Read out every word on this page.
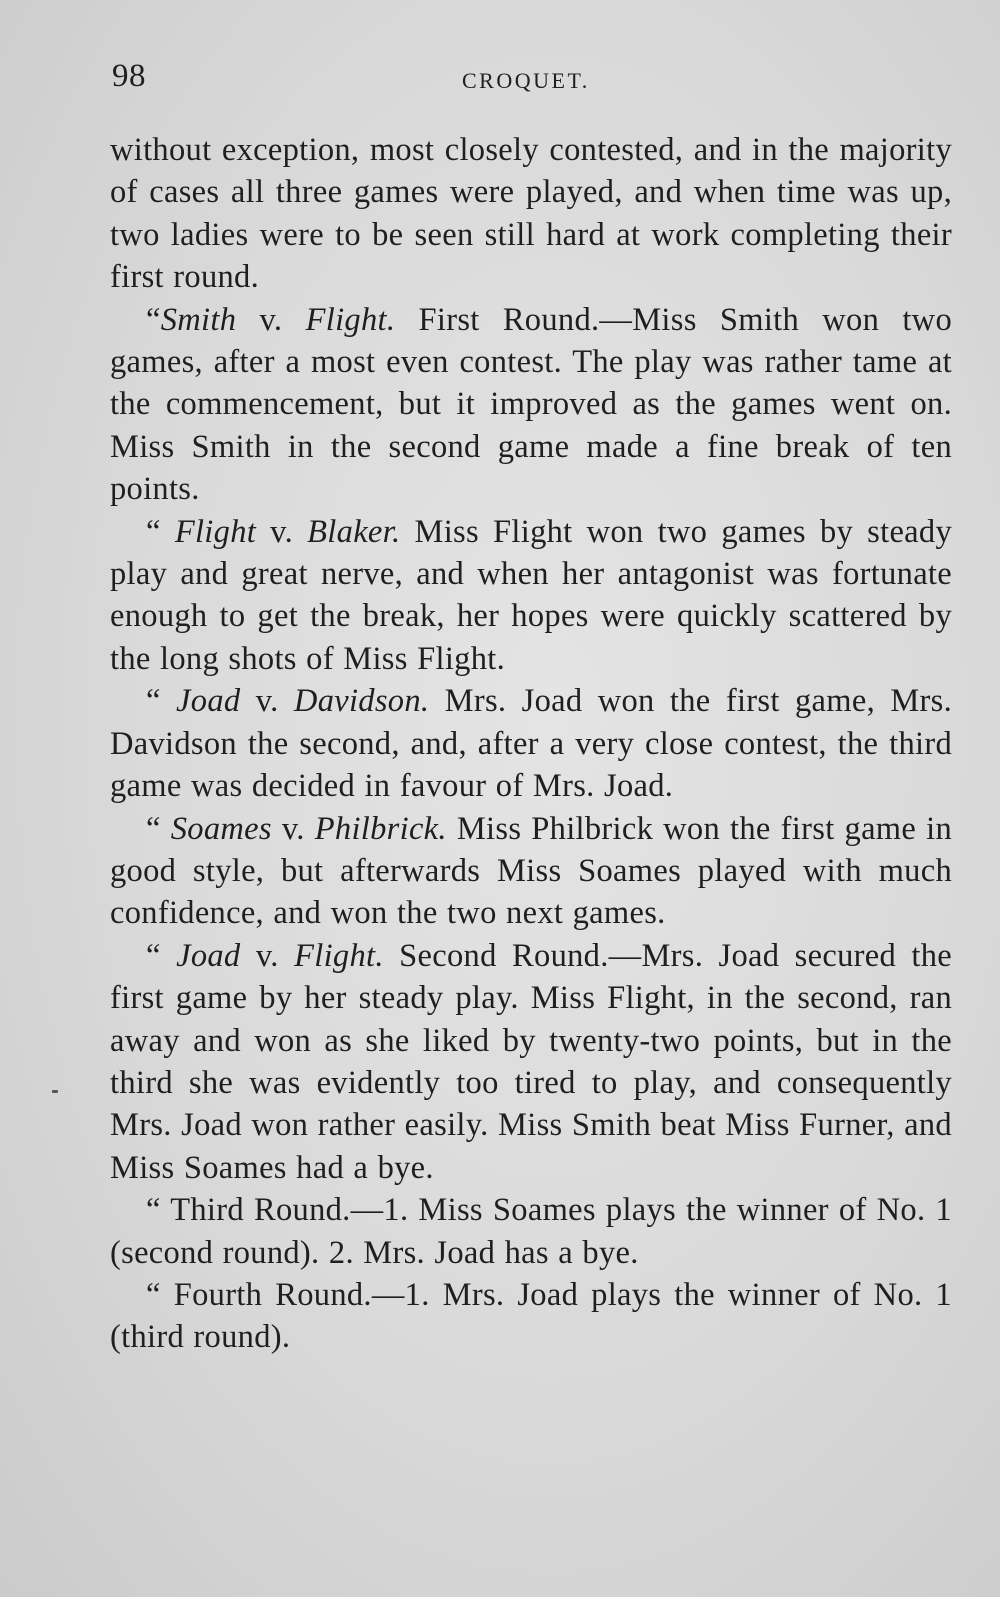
98	CROQUET.

without exception, most closely contested, and in the majority of cases all three games were played, and when time was up, two ladies were to be seen still hard at work completing their first round.

“Smith v. Flight. First Round.—Miss Smith won two games, after a most even contest. The play was rather tame at the commencement, but it improved as the games went on. Miss Smith in the second game made a fine break of ten points.

“ Flight v. Blaker. Miss Flight won two games by steady play and great nerve, and when her antagonist was fortunate enough to get the break, her hopes were quickly scattered by the long shots of Miss Flight.

“ Joad v. Davidson. Mrs. Joad won the first game, Mrs. Davidson the second, and, after a very close contest, the third game was decided in favour of Mrs. Joad.

“ Soames v. Philbrick. Miss Philbrick won the first game in good style, but afterwards Miss Soames played with much confidence, and won the two next games.

“ Joad v. Flight. Second Round.—Mrs. Joad secured the first game by her steady play. Miss Flight, in the second, ran away and won as she liked by twenty-two points, but in the third she was evidently too tired to play, and consequently Mrs. Joad won rather easily. Miss Smith beat Miss Furner, and Miss Soames had a bye.

“ Third Round.—1. Miss Soames plays the winner of No. 1 (second round). 2. Mrs. Joad has a bye.

“ Fourth Round.—1. Mrs. Joad plays the winner of No. 1 (third round).
